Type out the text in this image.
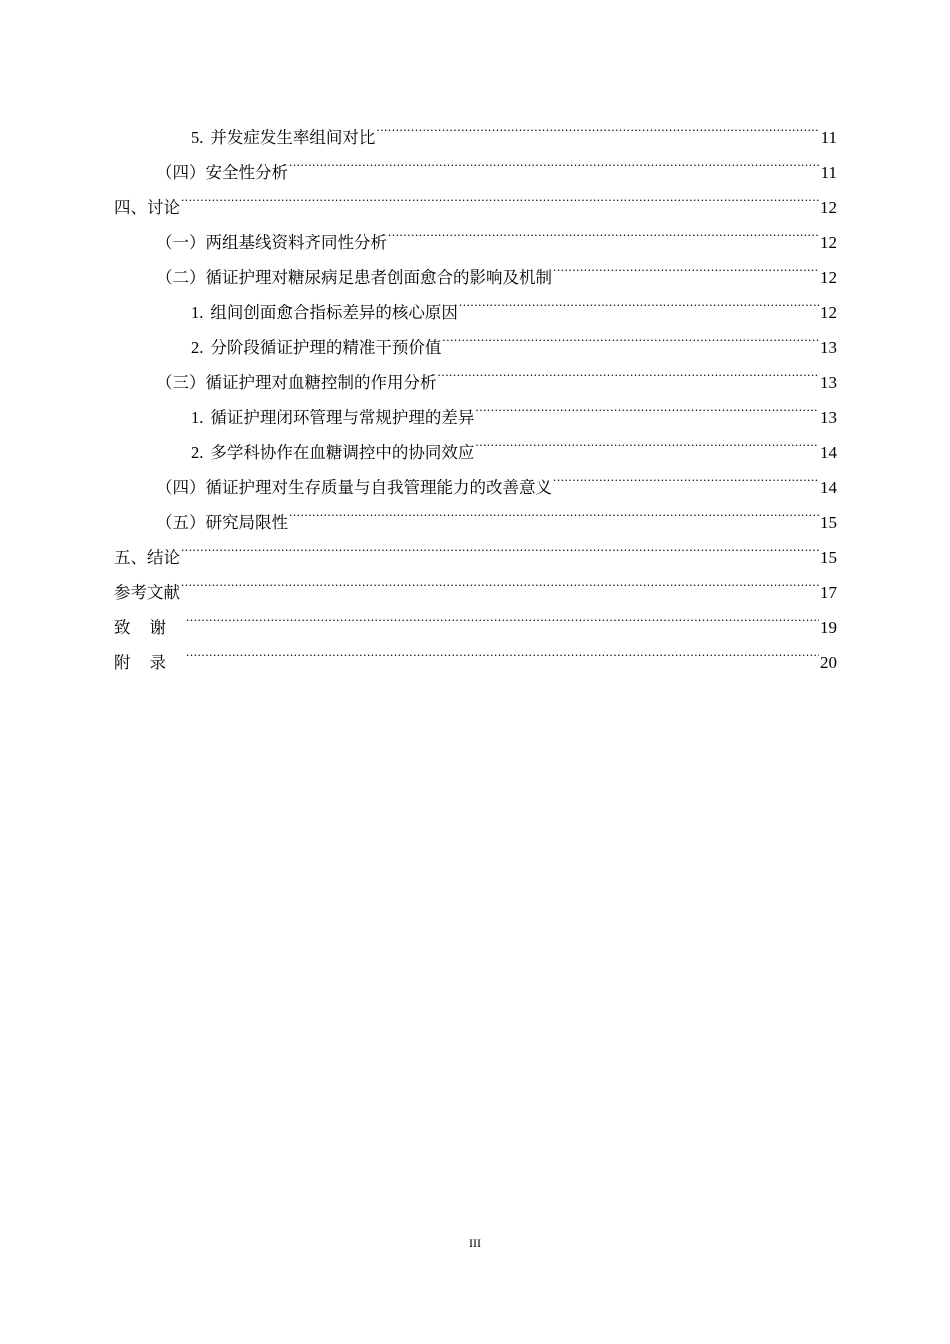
5. 并发症发生率组间对比 .....	11
（四）安全性分析 .....	11
四、讨论 .....	12
（一）两组基线资料齐同性分析 .....	12
（二）循证护理对糖尿病足患者创面愈合的影响及机制 .....	12
1. 组间创面愈合指标差异的核心原因 .....	12
2. 分阶段循证护理的精准干预价值 .....	13
（三）循证护理对血糖控制的作用分析 .....	13
1. 循证护理闭环管理与常规护理的差异 .....	13
2. 多学科协作在血糖调控中的协同效应 .....	14
（四）循证护理对生存质量与自我管理能力的改善意义 .....	14
（五）研究局限性 .....	15
五、结论 .....	15
参考文献 .....	17
致谢 .....	19
附录 .....	20
III
